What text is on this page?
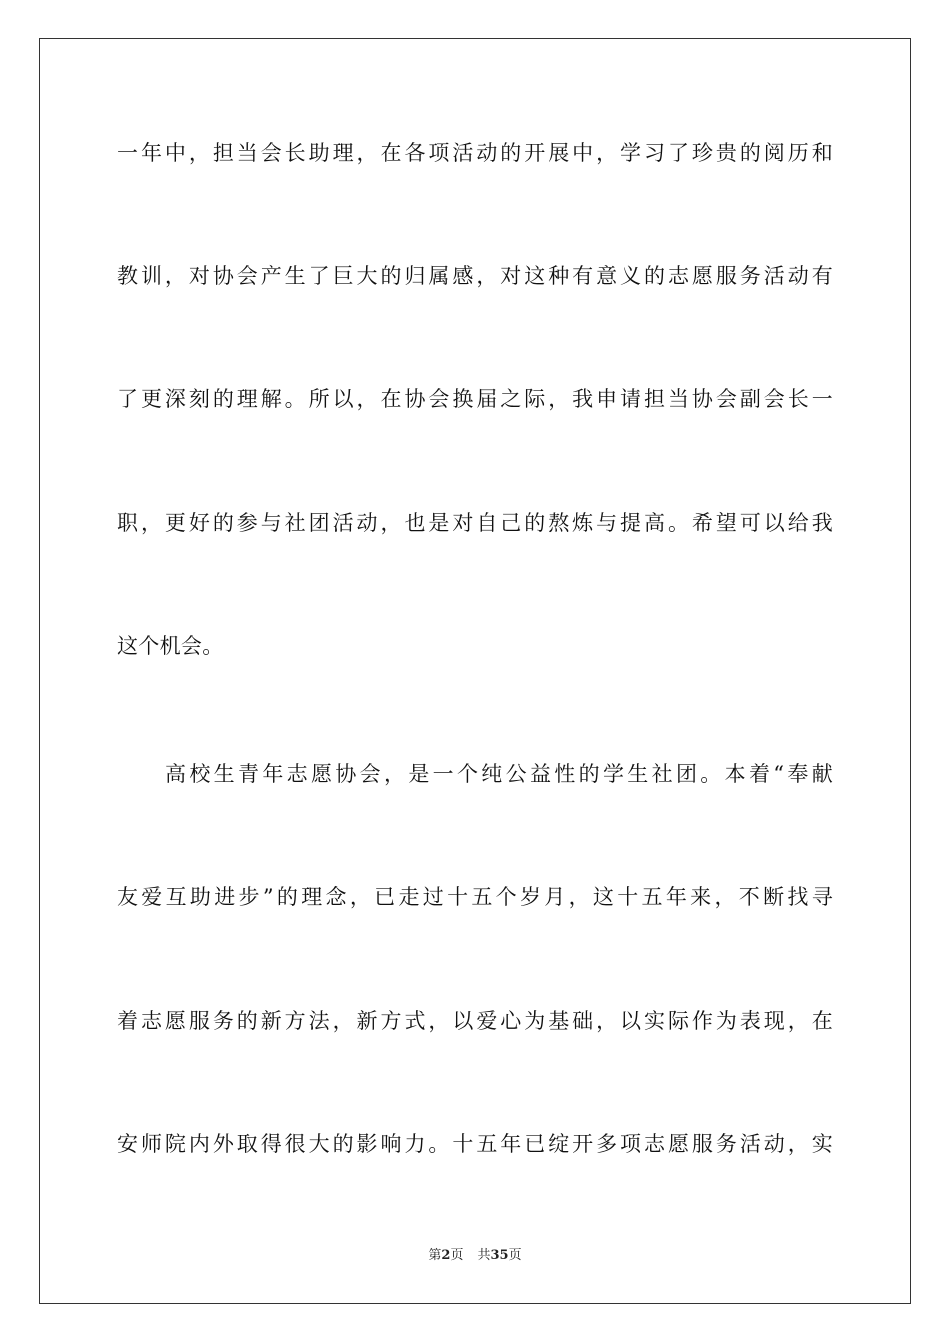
一年中，担当会长助理，在各项活动的开展中，学习了珍贵的阅历和
教训，对协会产生了巨大的归属感，对这种有意义的志愿服务活动有
了更深刻的理解。所以，在协会换届之际，我申请担当协会副会长一
职，更好的参与社团活动，也是对自己的熬炼与提高。希望可以给我
这个机会。
高校生青年志愿协会，是一个纯公益性的学生社团。本着“奉献
友爱互助进步”的理念，已走过十五个岁月，这十五年来，不断找寻
着志愿服务的新方法，新方式，以爱心为基础，以实际作为表现，在
安师院内外取得很大的影响力。十五年已绽开多项志愿服务活动，实
第2页 共35页
